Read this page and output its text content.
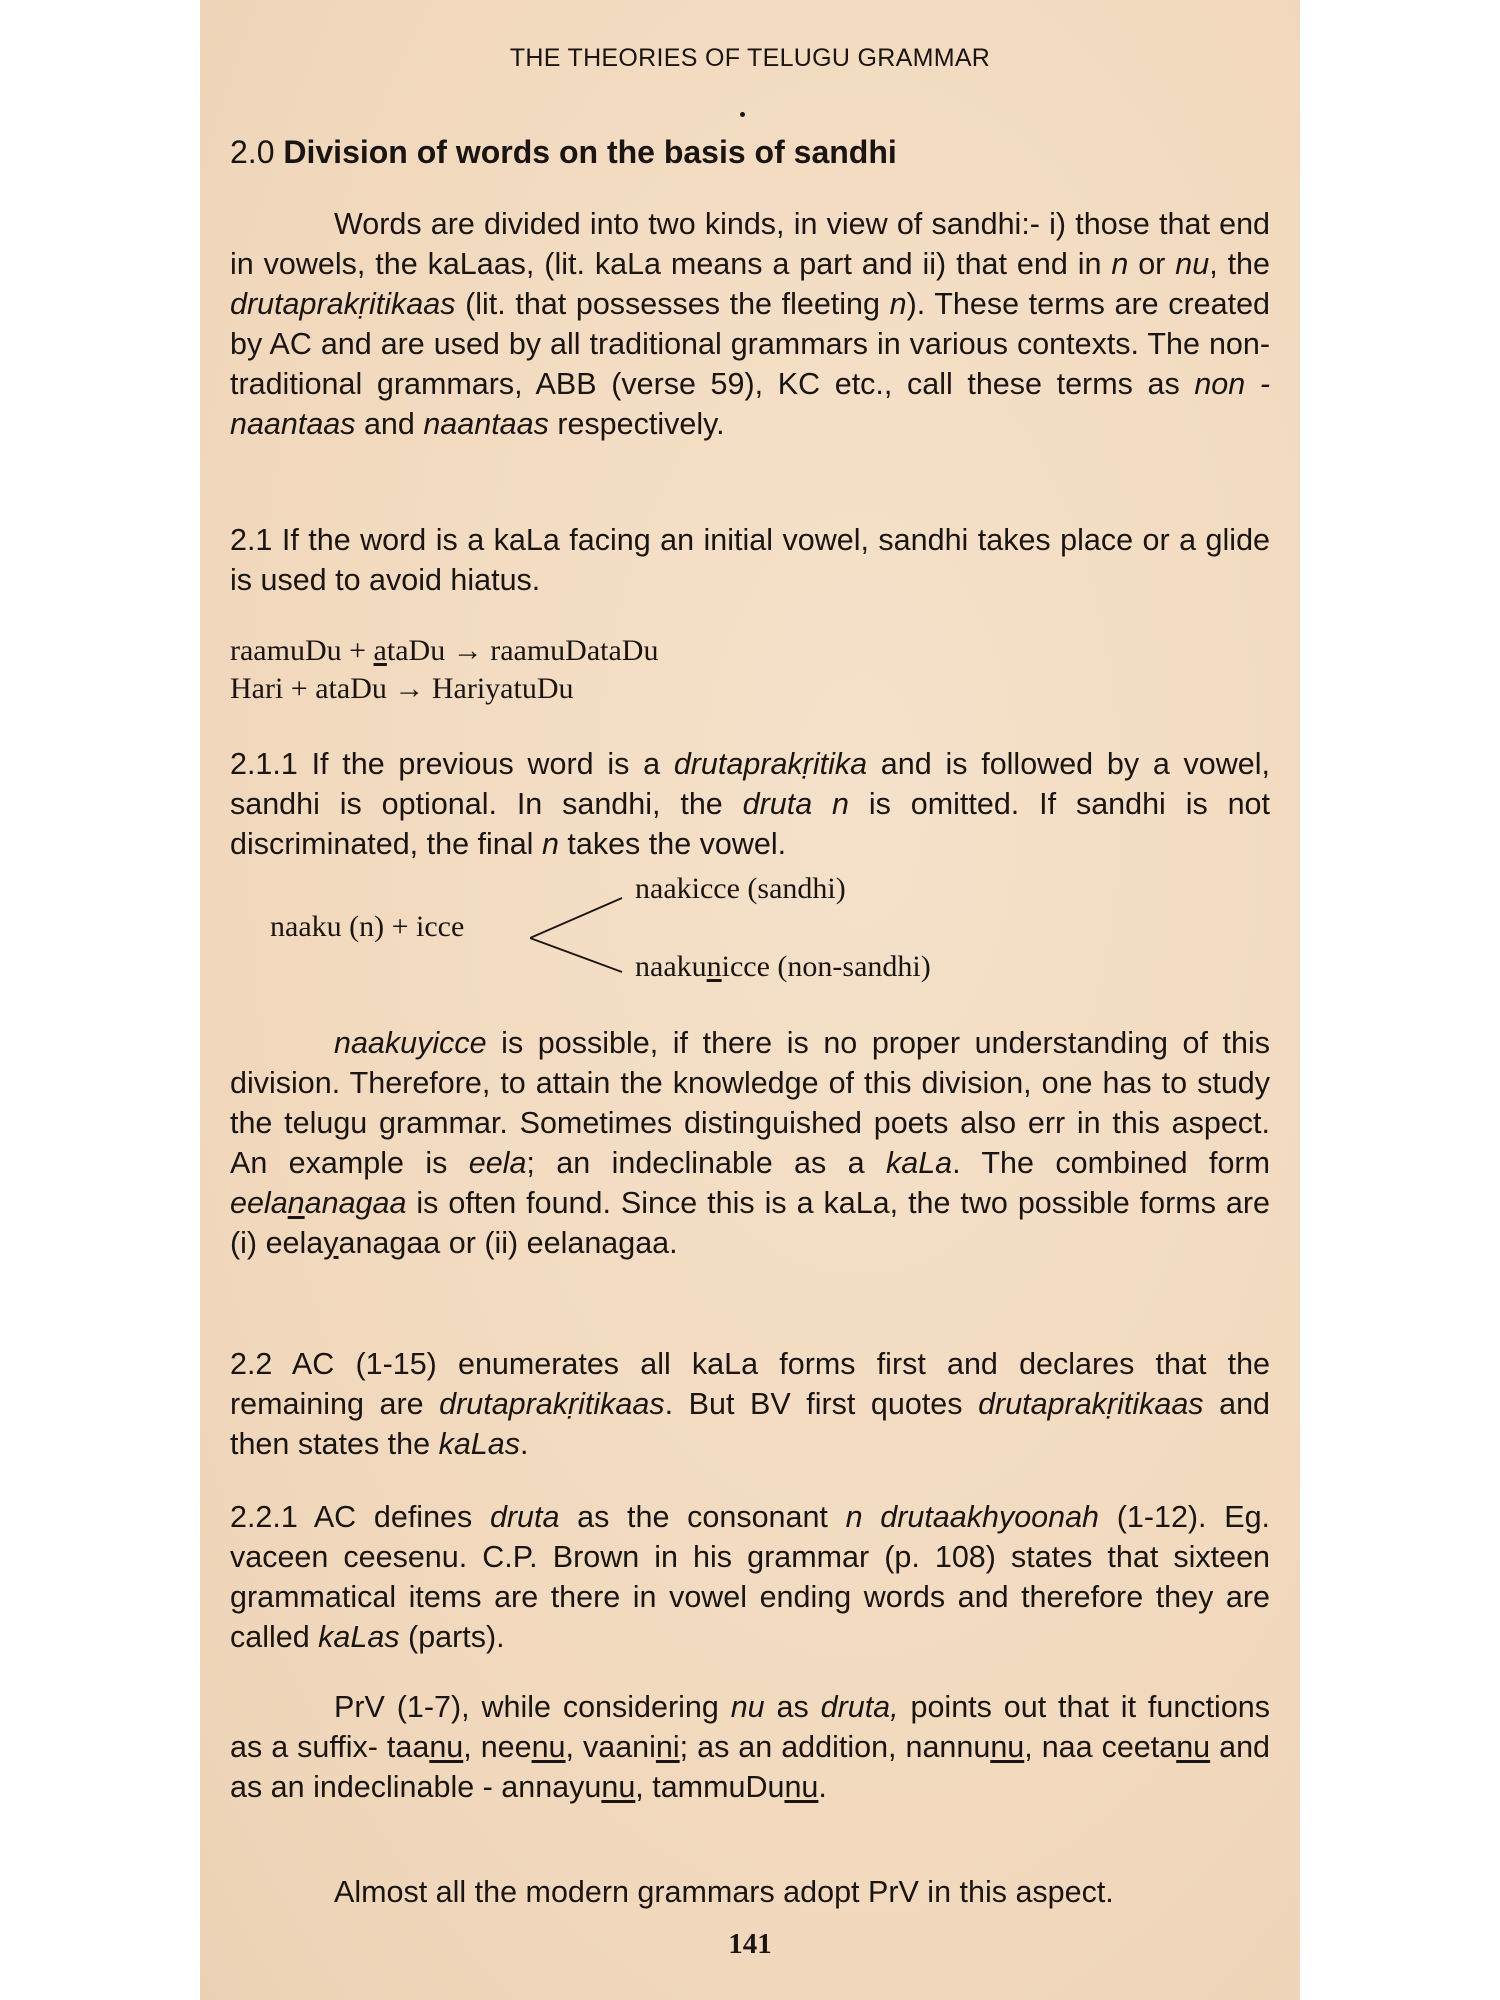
THE THEORIES OF TELUGU GRAMMAR
2.0 Division of words on the basis of sandhi
Words are divided into two kinds, in view of sandhi:- i) those that end in vowels, the kaLaas, (lit. kaLa means a part and ii) that end in n or nu, the drutaprakṛitikaas (lit. that possesses the fleeting n). These terms are created by AC and are used by all traditional grammars in various contexts. The non-traditional grammars, ABB (verse 59), KC etc., call these terms as non -naantaas and naantaas respectively.
2.1 If the word is a kaLa facing an initial vowel, sandhi takes place or a glide is used to avoid hiatus.
raamuDu + ataDu → raamuDataDu
Hari + ataDu → HariyatuDu
2.1.1 If the previous word is a drutaprakṛitika and is followed by a vowel, sandhi is optional. In sandhi, the druta n is omitted. If sandhi is not discriminated, the final n takes the vowel.
naakicce (sandhi)
naaku (n) + icce
naakunicce (non-sandhi)
naakuyicce is possible, if there is no proper understanding of this division. Therefore, to attain the knowledge of this division, one has to study the telugu grammar. Sometimes distinguished poets also err in this aspect. An example is eela; an indeclinable as a kaLa. The combined form eelananagaa is often found. Since this is a kaLa, the two possible forms are (i) eelayanagaa or (ii) eelanagaa.
2.2 AC (1-15) enumerates all kaLa forms first and declares that the remaining are drutaprakṛitikaas. But BV first quotes drutaprakṛitikaas and then states the kaLas.
2.2.1 AC defines druta as the consonant n drutaakhyoonah (1-12). Eg. vaceen ceesenu. C.P. Brown in his grammar (p. 108) states that sixteen grammatical items are there in vowel ending words and therefore they are called kaLas (parts).
PrV (1-7), while considering nu as druta, points out that it functions as a suffix- taanu, neenu, vaanini; as an addition, nannunu, naa ceetanu and as an indeclinable - annayunu, tammuDunu.
Almost all the modern grammars adopt PrV in this aspect.
141
